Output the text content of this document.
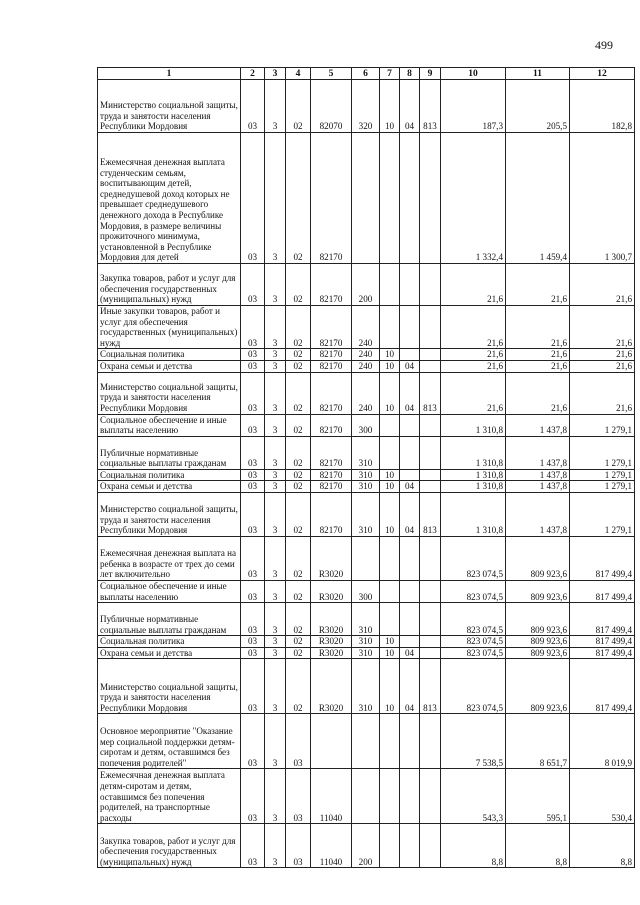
499
1	2	3	4	5	6	7	8	9	10	11	12
Министерство социальной защиты, труда и занятости населения Республики Мордовия	03	3	02	82070	320	10	04	813	187,3	205,5	182,8
Ежемесячная денежная выплата студенческим семьям, воспитывающим детей, среднедушевой доход которых не превышает среднедушевого денежного дохода в Республике Мордовия, в размере величины прожиточного минимума, установленной в Республике Мордовия для детей	03	3	02	82170					1 332,4	1 459,4	1 300,7
Закупка товаров, работ и услуг для обеспечения государственных (муниципальных) нужд	03	3	02	82170	200				21,6	21,6	21,6
Иные закупки товаров, работ и услуг для обеспечения государственных (муниципальных) нужд	03	3	02	82170	240				21,6	21,6	21,6
Социальная политика	03	3	02	82170	240	10			21,6	21,6	21,6
Охрана семьи и детства	03	3	02	82170	240	10	04		21,6	21,6	21,6
Министерство социальной защиты, труда и занятости населения Республики Мордовия	03	3	02	82170	240	10	04	813	21,6	21,6	21,6
Социальное обеспечение и иные выплаты населению	03	3	02	82170	300				1 310,8	1 437,8	1 279,1
Публичные нормативные социальные выплаты гражданам	03	3	02	82170	310				1 310,8	1 437,8	1 279,1
Социальная политика	03	3	02	82170	310	10			1 310,8	1 437,8	1 279,1
Охрана семьи и детства	03	3	02	82170	310	10	04		1 310,8	1 437,8	1 279,1
Министерство социальной защиты, труда и занятости населения Республики Мордовия	03	3	02	82170	310	10	04	813	1 310,8	1 437,8	1 279,1
Ежемесячная денежная выплата на ребенка в возрасте от трех до семи лет включительно	03	3	02	R3020					823 074,5	809 923,6	817 499,4
Социальное обеспечение и иные выплаты населению	03	3	02	R3020	300				823 074,5	809 923,6	817 499,4
Публичные нормативные социальные выплаты гражданам	03	3	02	R3020	310				823 074,5	809 923,6	817 499,4
Социальная политика	03	3	02	R3020	310	10			823 074,5	809 923,6	817 499,4
Охрана семьи и детства	03	3	02	R3020	310	10	04		823 074,5	809 923,6	817 499,4
Министерство социальной защиты, труда и занятости населения Республики Мордовия	03	3	02	R3020	310	10	04	813	823 074,5	809 923,6	817 499,4
Основное мероприятие "Оказание мер социальной поддержки детям-сиротам и детям, оставшимся без попечения родителей"	03	3	03						7 538,5	8 651,7	8 019,9
Ежемесячная денежная выплата детям-сиротам и детям, оставшимся без попечения родителей, на транспортные расходы	03	3	03	11040					543,3	595,1	530,4
Закупка товаров, работ и услуг для обеспечения государственных (муниципальных) нужд	03	3	03	11040	200				8,8	8,8	8,8
